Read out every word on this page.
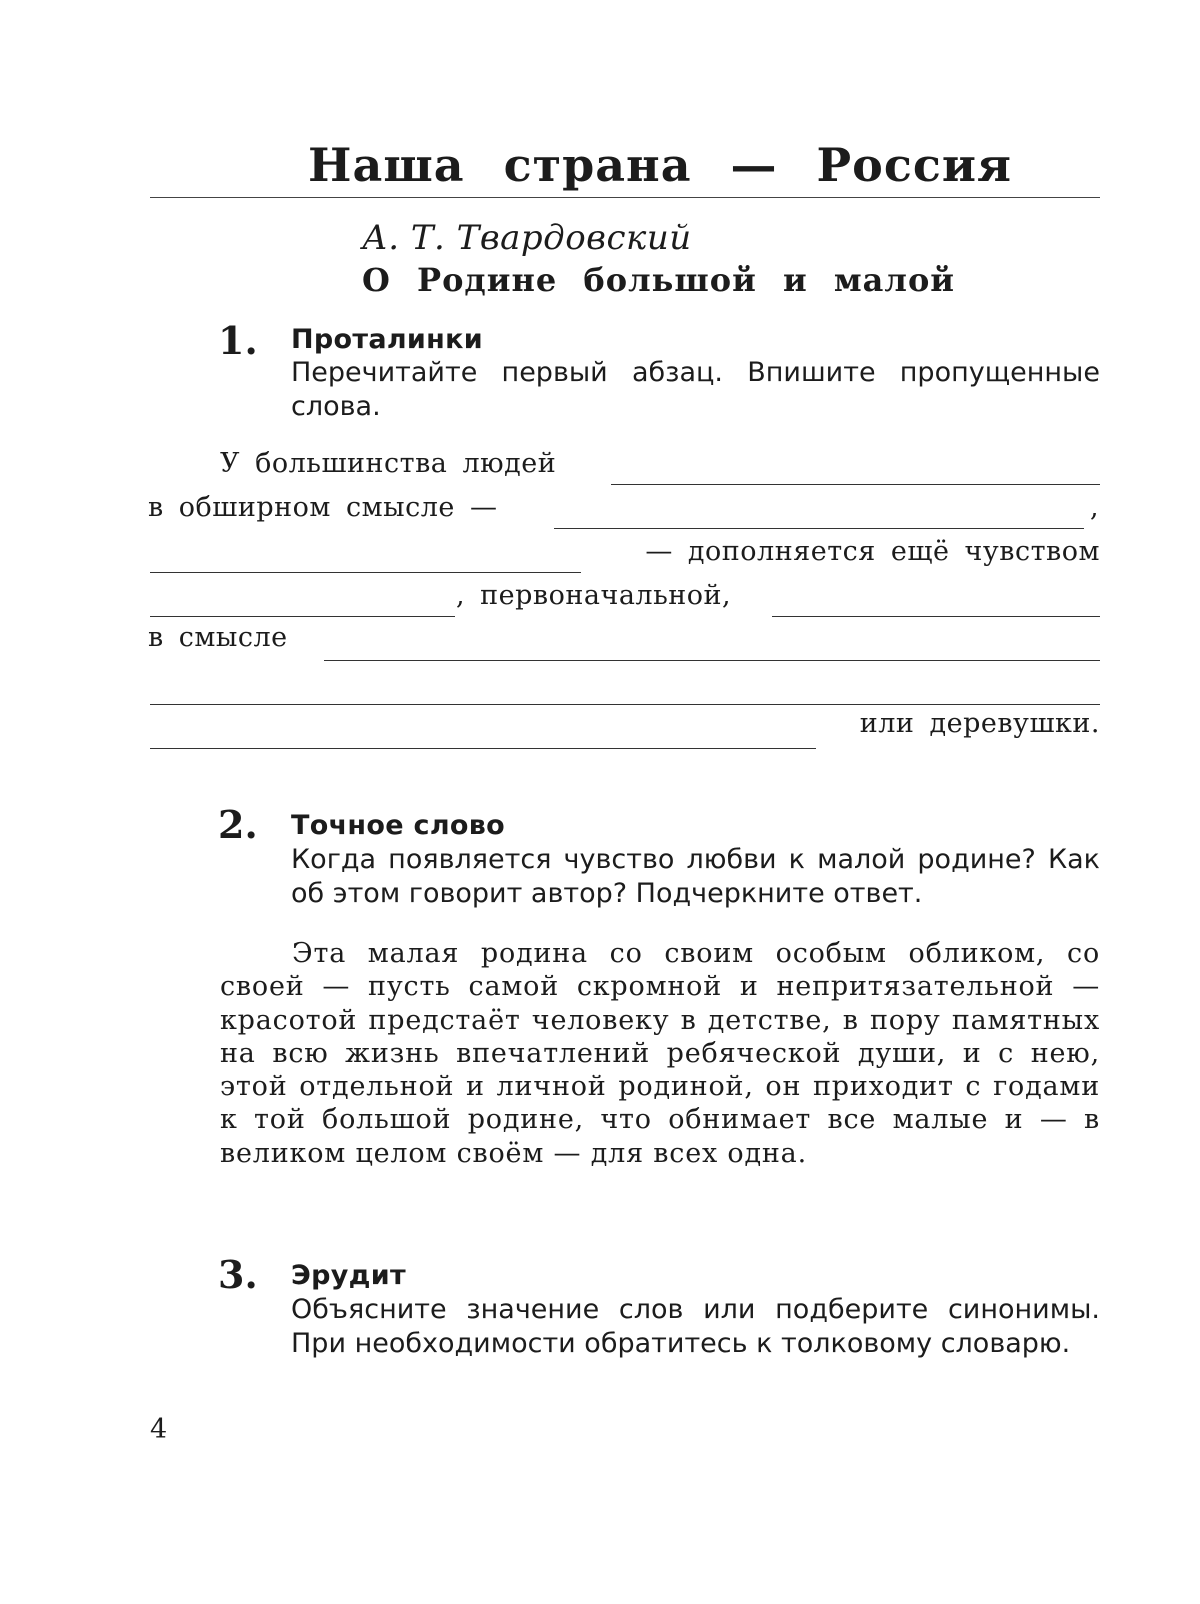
Наша страна — Россия
А. Т. Твардовский
О Родине большой и малой
1. Проталинки
Перечитайте первый абзац. Впишите пропущенные слова.
У большинства людей
в обширном смысле —	,
— дополняется ещё чувством
, первоначальной,
в смысле
или деревушки.
2. Точное слово
Когда появляется чувство любви к малой родине? Как об этом говорит автор? Подчеркните ответ.
Эта малая родина со своим особым обликом, со своей — пусть самой скромной и непритязательной — красотой предстаёт человеку в детстве, в пору памятных на всю жизнь впечатлений ребяческой души, и с нею, этой отдельной и личной родиной, он приходит с годами к той большой родине, что обнимает все малые и — в великом целом своём — для всех одна.
3. Эрудит
Объясните значение слов или подберите синонимы. При необходимости обратитесь к толковому словарю.
4
